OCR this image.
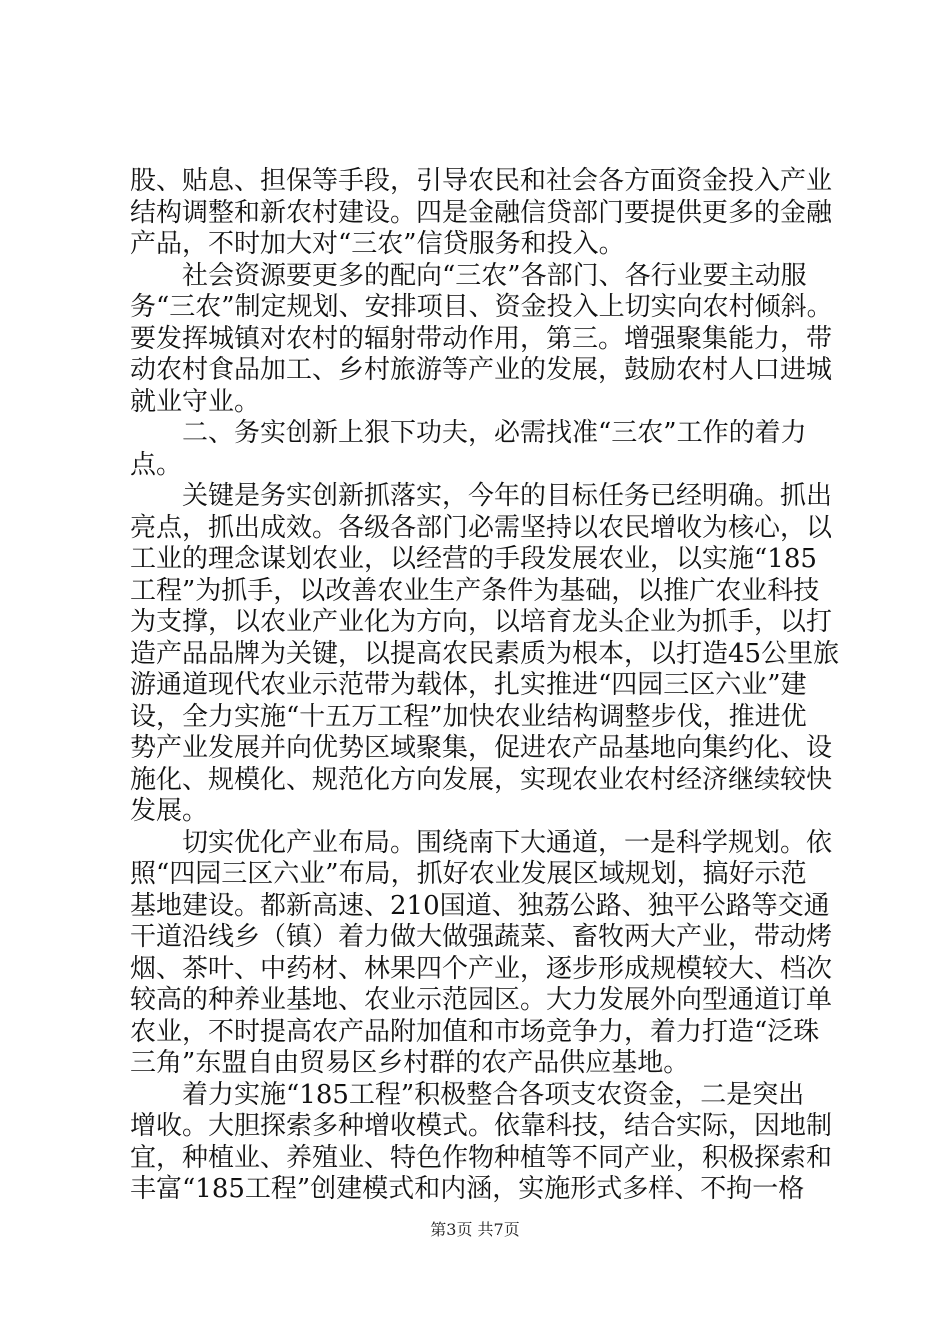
股、贴息、担保等手段，引导农民和社会各方面资金投入产业
结构调整和新农村建设。四是金融信贷部门要提供更多的金融
产品，不时加大对“三农”信贷服务和投入。
　　社会资源要更多的配向“三农”各部门、各行业要主动服
务“三农”制定规划、安排项目、资金投入上切实向农村倾斜。
要发挥城镇对农村的辐射带动作用，第三。增强聚集能力，带
动农村食品加工、乡村旅游等产业的发展，鼓励农村人口进城
就业守业。
　　二、务实创新上狠下功夫，必需找准“三农”工作的着力
点。
　　关键是务实创新抓落实，今年的目标任务已经明确。抓出
亮点，抓出成效。各级各部门必需坚持以农民增收为核心，以
工业的理念谋划农业，以经营的手段发展农业，以实施“185
工程”为抓手，以改善农业生产条件为基础，以推广农业科技
为支撑，以农业产业化为方向，以培育龙头企业为抓手，以打
造产品品牌为关键，以提高农民素质为根本，以打造45公里旅
游通道现代农业示范带为载体，扎实推进“四园三区六业”建
设，全力实施“十五万工程”加快农业结构调整步伐，推进优
势产业发展并向优势区域聚集，促进农产品基地向集约化、设
施化、规模化、规范化方向发展，实现农业农村经济继续较快
发展。
　　切实优化产业布局。围绕南下大通道，一是科学规划。依
照“四园三区六业”布局，抓好农业发展区域规划，搞好示范
基地建设。都新高速、210国道、独荔公路、独平公路等交通
干道沿线乡（镇）着力做大做强蔬菜、畜牧两大产业，带动烤
烟、茶叶、中药材、林果四个产业，逐步形成规模较大、档次
较高的种养业基地、农业示范园区。大力发展外向型通道订单
农业，不时提高农产品附加值和市场竞争力，着力打造“泛珠
三角”东盟自由贸易区乡村群的农产品供应基地。
　　着力实施“185工程”积极整合各项支农资金，二是突出
增收。大胆探索多种增收模式。依靠科技，结合实际，因地制
宜，种植业、养殖业、特色作物种植等不同产业，积极探索和
丰富“185工程”创建模式和内涵，实施形式多样、不拘一格
第3页 共7页
